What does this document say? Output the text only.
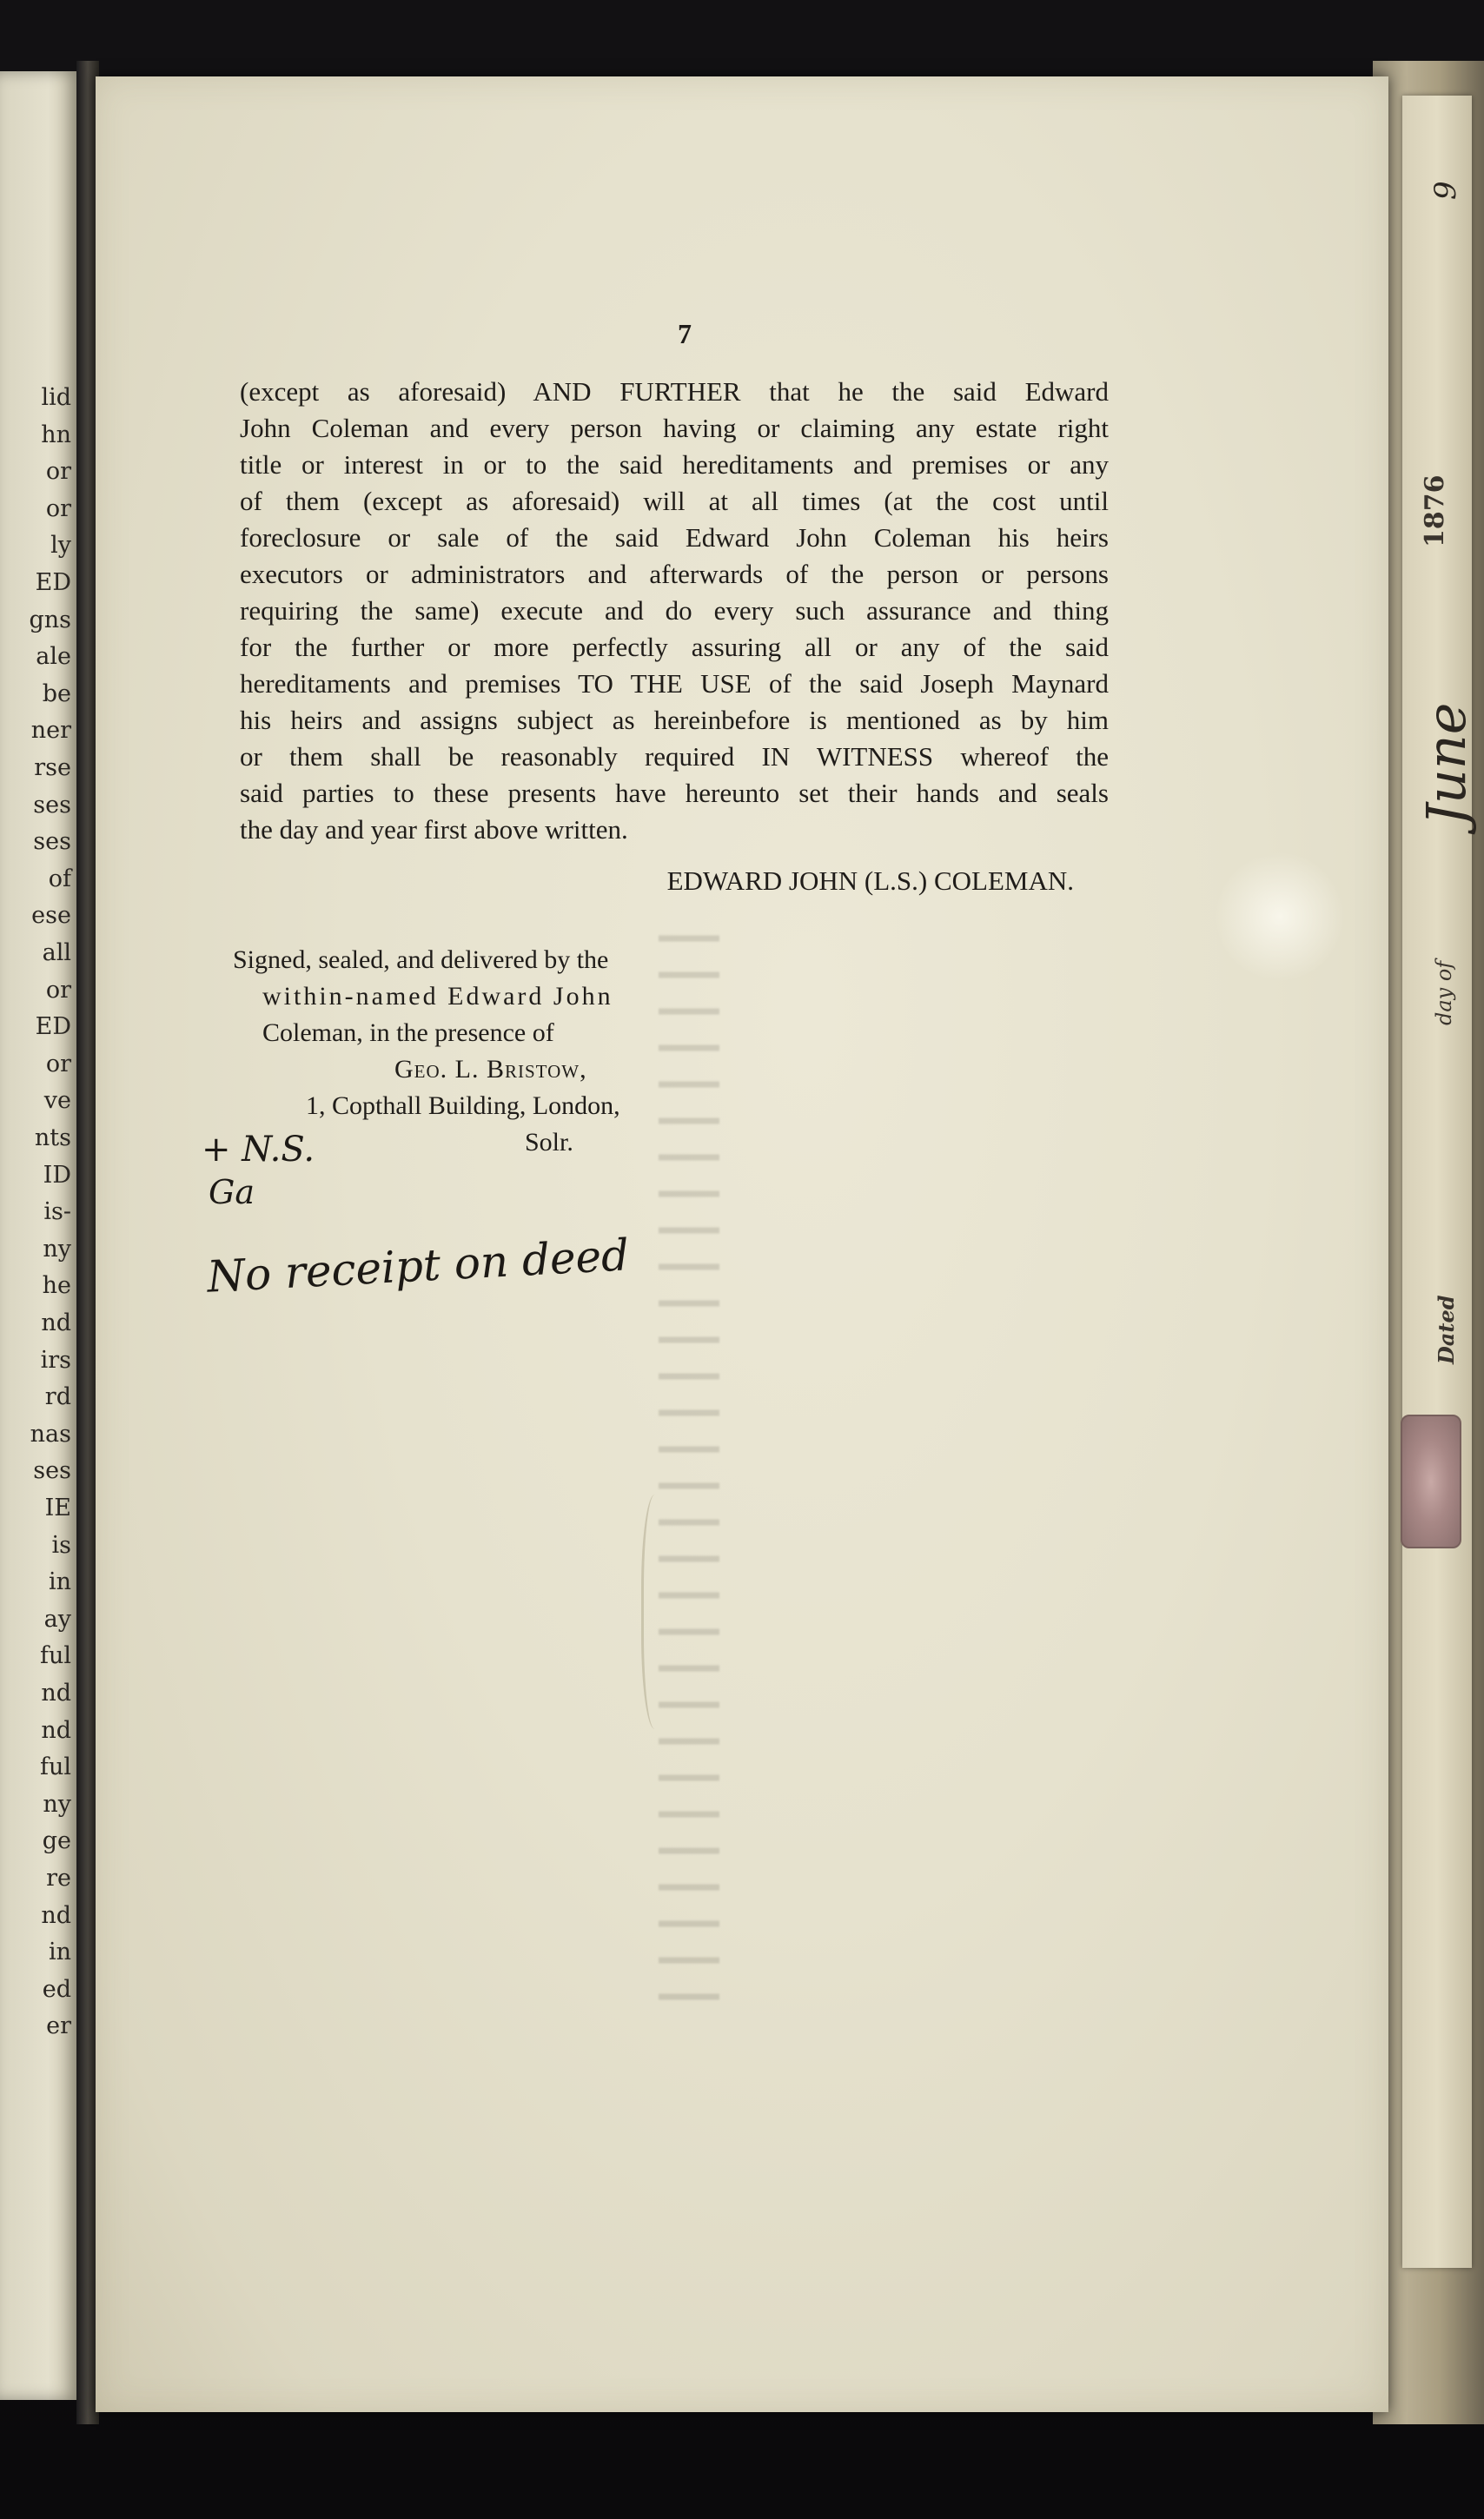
lid
hn
or
or
ly
ED
gns
ale
be
ner
rse
ses
ses
of
ese
all
or
ED
or
ve
nts
ID
is-
ny
he
nd
irs
rd
nas
ses
IE
is
in
ay
ful
nd
nd
ful
ny
ge
re
nd
in
ed
er
9
1876
June
day of
Dated
7
(except as aforesaid) AND FURTHER that he the said Edward
John Coleman and every person having or claiming any estate right
title or interest in or to the said hereditaments and premises or any
of them (except as aforesaid) will at all times (at the cost until
foreclosure or sale of the said Edward John Coleman his heirs
executors or administrators and afterwards of the person or persons
requiring the same) execute and do every such assurance and thing
for the further or more perfectly assuring all or any of the said
hereditaments and premises TO THE USE of the said Joseph Maynard
his heirs and assigns subject as hereinbefore is mentioned as by him
or them shall be reasonably required IN WITNESS whereof the
said parties to these presents have hereunto set their hands and seals
the day and year first above written.
EDWARD JOHN (L.S.) COLEMAN.
Signed, sealed, and delivered by the
within-named Edward John
Coleman, in the presence of
Geo. L. Bristow,
1, Copthall Building, London,
Solr.
+ N.S.
Ga
No receipt on deed
